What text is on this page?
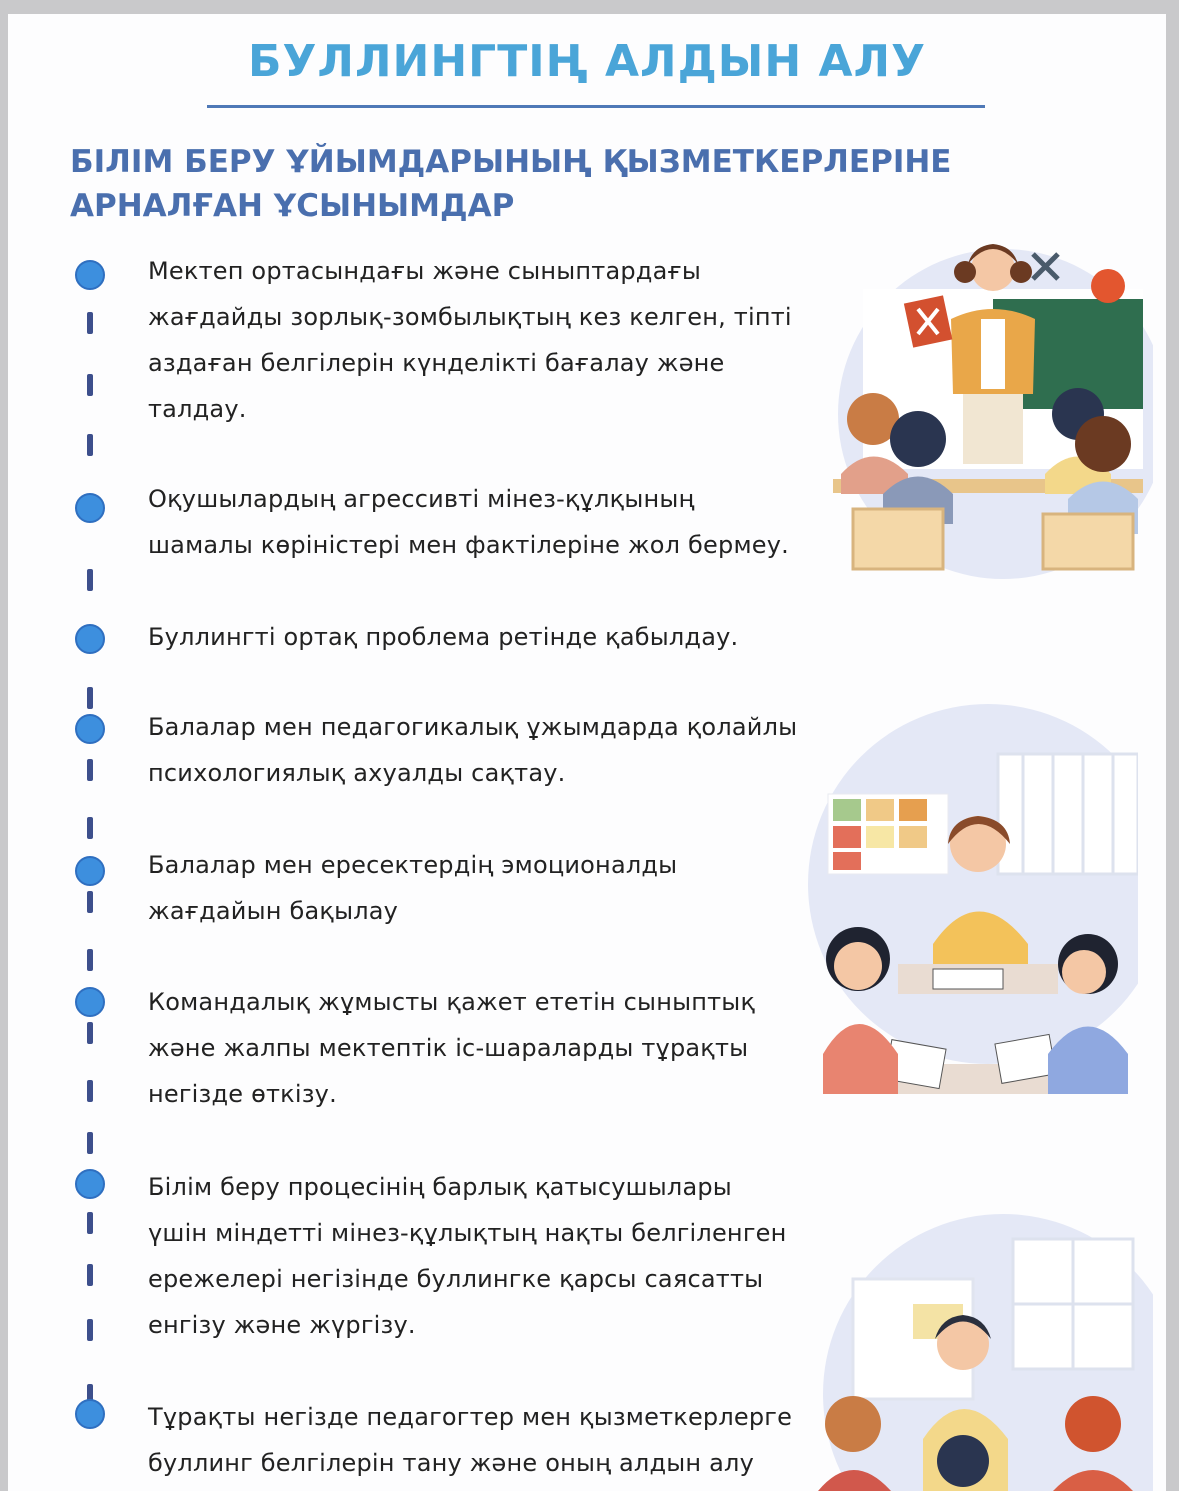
БУЛЛИНГТІҢ АЛДЫН АЛУ
БІЛІМ БЕРУ ҰЙЫМДАРЫНЫҢ ҚЫЗМЕТКЕРЛЕРІНЕ
АРНАЛҒАН ҰСЫНЫМДАР
Мектеп ортасындағы және сыныптардағы
жағдайды зорлық-зомбылықтың кез келген, тіпті
аздаған белгілерін күнделікті бағалау және
талдау.
Оқушылардың агрессивті мінез-құлқының
шамалы көріністері мен фактілеріне жол бермеу.
Буллингті ортақ проблема ретінде қабылдау.
Балалар мен педагогикалық ұжымдарда қолайлы
психологиялық ахуалды сақтау.
Балалар мен ересектердің эмоционалды
жағдайын бақылау
Командалық жұмысты қажет ететін сыныптық
және жалпы мектептік іс-шараларды тұрақты
негізде өткізу.
Білім беру процесінің барлық қатысушылары
үшін міндетті мінез-құлықтың нақты белгіленген
ережелері негізінде буллингке қарсы саясатты
енгізу және жүргізу.
Тұрақты негізде педагогтер мен қызметкерлерге
буллинг белгілерін тану және оның алдын алу
